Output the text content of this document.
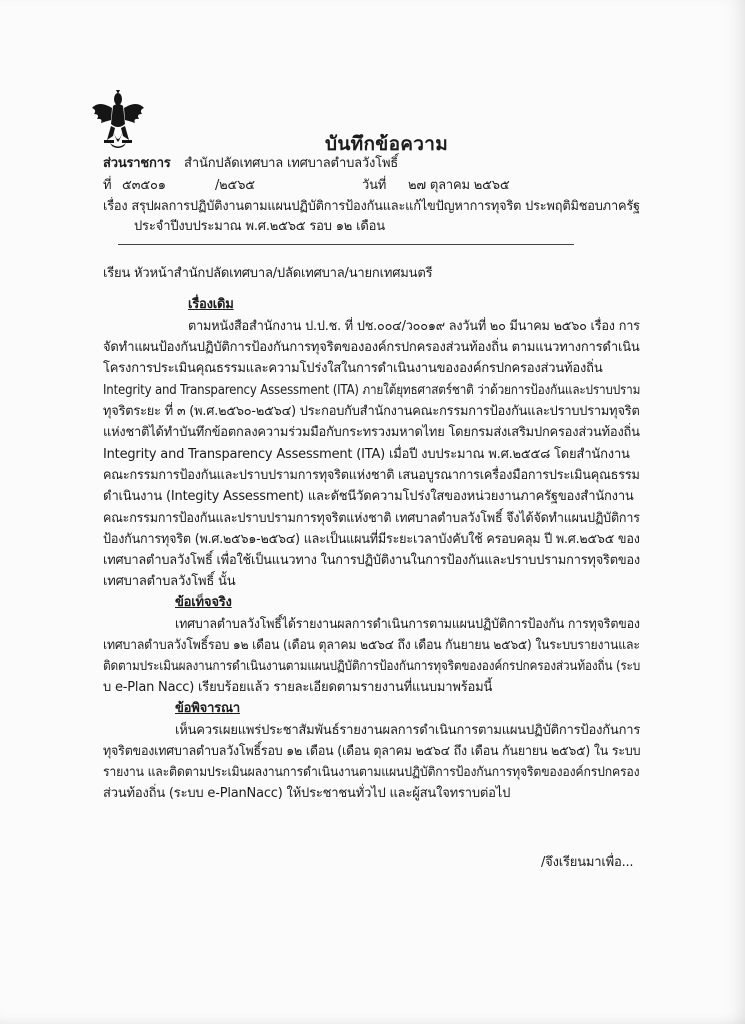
บันทึกข้อความ
ส่วนราชการ สำนักปลัดเทศบาล เทศบาลตำบลวังโพธิ์
ที่ ๕๓๕๐๑	/๒๕๖๕	วันที่ ๒๗ ตุลาคม ๒๕๖๕
เรื่อง สรุปผลการปฏิบัติงานตามแผนปฏิบัติการป้องกันและแก้ไขปัญหาการทุจริต ประพฤติมิชอบภาครัฐ
ประจำปีงบประมาณ พ.ศ.๒๕๖๕ รอบ ๑๒ เดือน
เรียน หัวหน้าสำนักปลัดเทศบาล/ปลัดเทศบาล/นายกเทศมนตรี
เรื่องเดิม
ตามหนังสือสำนักงาน ป.ป.ช. ที่ ปช.๐๐๔/ว๐๐๑๙ ลงวันที่ ๒๐ มีนาคม ๒๕๖๐ เรื่อง การ
จัดทำแผนป้องกันปฏิบัติการป้องกันการทุจริตขององค์กรปกครองส่วนท้องถิ่น ตามแนวทางการดำเนิน
โครงการประเมินคุณธรรมและความโปร่งใสในการดำเนินงานขององค์กรปกครองส่วนท้องถิ่น
Integrity and Transparency Assessment (ITA) ภายใต้ยุทธศาสตร์ชาติ ว่าด้วยการป้องกันและปราบปราม
ทุจริตระยะ ที่ ๓ (พ.ศ.๒๕๖๐-๒๕๖๔) ประกอบกับสำนักงานคณะกรรมการป้องกันและปราบปรามทุจริต
แห่งชาติได้ทำบันทึกข้อตกลงความร่วมมือกับกระทรวงมหาดไทย โดยกรมส่งเสริมปกครองส่วนท้องถิ่น
Integrity and Transparency Assessment (ITA) เมื่อปี งบประมาณ พ.ศ.๒๕๕๘ โดยสำนักงาน
คณะกรรมการป้องกันและปราบปรามการทุจริตแห่งชาติ เสนอบูรณาการเครื่องมือการประเมินคุณธรรม
ดำเนินงาน (Integity Assessment) และดัชนีวัดความโปร่งใสของหน่วยงานภาครัฐของสำนักงาน
คณะกรรมการป้องกันและปราบปรามการทุจริตแห่งชาติ เทศบาลตำบลวังโพธิ์ จึงได้จัดทำแผนปฏิบัติการ
ป้องกันการทุจริต (พ.ศ.๒๕๖๑-๒๕๖๔) และเป็นแผนที่มีระยะเวลาบังคับใช้ ครอบคลุม ปี พ.ศ.๒๕๖๕ ของ
เทศบาลตำบลวังโพธิ์ เพื่อใช้เป็นแนวทาง ในการปฏิบัติงานในการป้องกันและปราบปรามการทุจริตของ
เทศบาลตำบลวังโพธิ์ นั้น
ข้อเท็จจริง
เทศบาลตำบลวังโพธิ์ได้รายงานผลการดำเนินการตามแผนปฏิบัติการป้องกัน การทุจริตของ
เทศบาลตำบลวังโพธิ์รอบ ๑๒ เดือน (เดือน ตุลาคม ๒๕๖๔ ถึง เดือน กันยายน ๒๕๖๕) ในระบบรายงานและ
ติดตามประเมินผลงานการดำเนินงานตามแผนปฏิบัติการป้องกันการทุจริตขององค์กรปกครองส่วนท้องถิ่น (ระบ
บ e-Plan Nacc) เรียบร้อยแล้ว รายละเอียดตามรายงานที่แนบมาพร้อมนี้
ข้อพิจารณา
เห็นควรเผยแพร่ประชาสัมพันธ์รายงานผลการดำเนินการตามแผนปฏิบัติการป้องกันการ
ทุจริตของเทศบาลตำบลวังโพธิ์รอบ ๑๒ เดือน (เดือน ตุลาคม ๒๕๖๔ ถึง เดือน กันยายน ๒๕๖๕) ใน ระบบ
รายงาน และติดตามประเมินผลงานการดำเนินงานตามแผนปฏิบัติการป้องกันการทุจริตขององค์กรปกครอง
ส่วนท้องถิ่น (ระบบ e-PlanNacc) ให้ประชาชนทั่วไป และผู้สนใจทราบต่อไป
/จึงเรียนมาเพื่อ...
